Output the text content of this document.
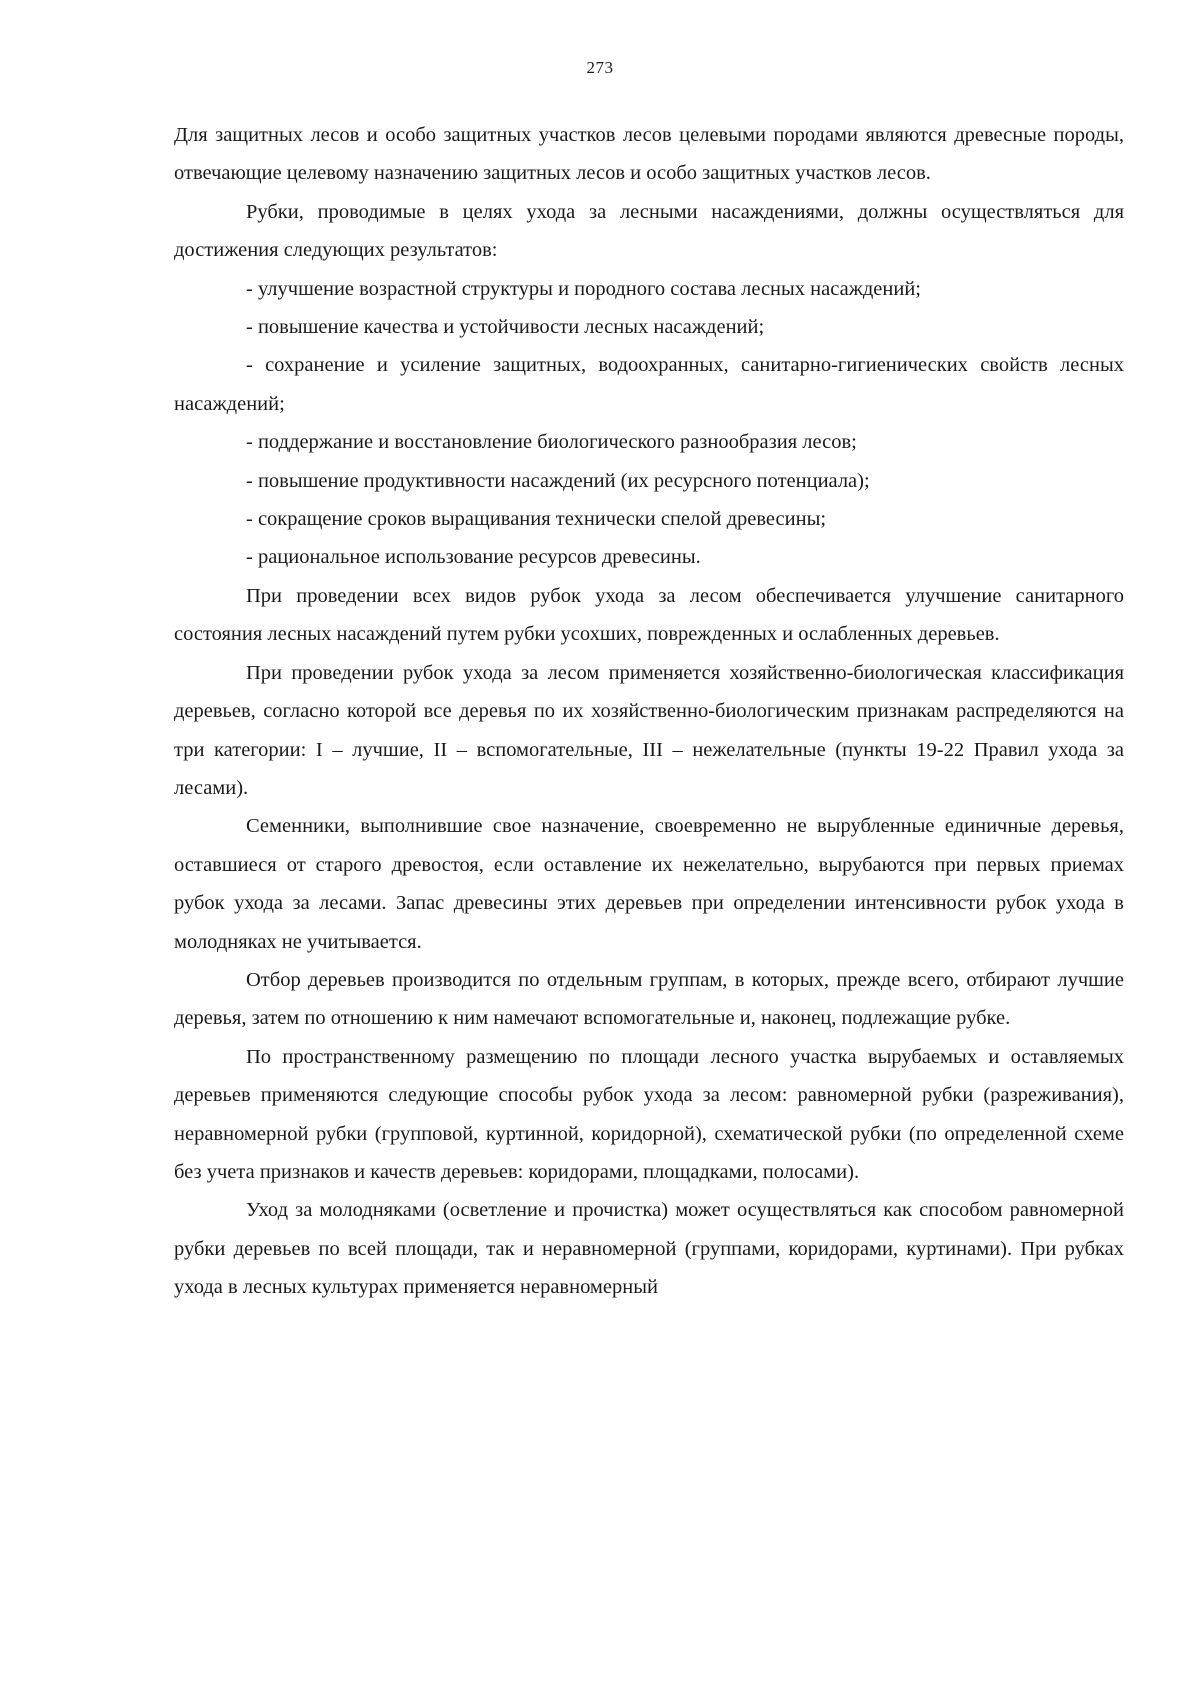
273

Для защитных лесов и особо защитных участков лесов целевыми породами являются древесные породы, отвечающие целевому назначению защитных лесов и особо защитных участков лесов.

Рубки, проводимые в целях ухода за лесными насаждениями, должны осуществляться для достижения следующих результатов:

- улучшение возрастной структуры и породного состава лесных насаждений;

- повышение качества и устойчивости лесных насаждений;

- сохранение и усиление защитных, водоохранных, санитарно-гигиенических свойств лесных насаждений;

- поддержание и восстановление биологического разнообразия лесов;

- повышение продуктивности насаждений (их ресурсного потенциала);

- сокращение сроков выращивания технически спелой древесины;

- рациональное использование ресурсов древесины.

При проведении всех видов рубок ухода за лесом обеспечивается улучшение санитарного состояния лесных насаждений путем рубки усохших, поврежденных и ослабленных деревьев.

При проведении рубок ухода за лесом применяется хозяйственно-биологическая классификация деревьев, согласно которой все деревья по их хозяйственно-биологическим признакам распределяются на три категории: I – лучшие, II – вспомогательные, III – нежелательные (пункты 19-22 Правил ухода за лесами).

Семенники, выполнившие свое назначение, своевременно не вырубленные единичные деревья, оставшиеся от старого древостоя, если оставление их нежелательно, вырубаются при первых приемах рубок ухода за лесами. Запас древесины этих деревьев при определении интенсивности рубок ухода в молодняках не учитывается.

Отбор деревьев производится по отдельным группам, в которых, прежде всего, отбирают лучшие деревья, затем по отношению к ним намечают вспомогательные и, наконец, подлежащие рубке.

По пространственному размещению по площади лесного участка вырубаемых и оставляемых деревьев применяются следующие способы рубок ухода за лесом: равномерной рубки (разреживания), неравномерной рубки (групповой, куртинной, коридорной), схематической рубки (по определенной схеме без учета признаков и качеств деревьев: коридорами, площадками, полосами).

Уход за молодняками (осветление и прочистка) может осуществляться как способом равномерной рубки деревьев по всей площади, так и неравномерной (группами, коридорами, куртинами). При рубках ухода в лесных культурах применяется неравномерный
